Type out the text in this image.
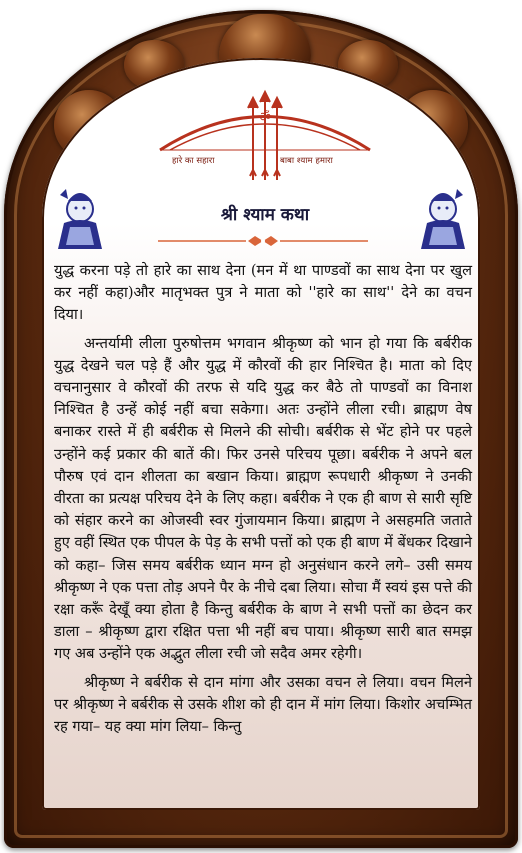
ॐ
हारे का सहारा	बाबा श्याम हमारा
श्री श्याम कथा

युद्ध करना पड़े तो हारे का साथ देना (मन में था पाण्डवों का साथ देना पर खुल कर नहीं कहा)और मातृभक्त पुत्र ने माता को ''हारे का साथ'' देने का वचन दिया।

अन्तर्यामी लीला पुरुषोत्तम भगवान श्रीकृष्ण को भान हो गया कि बर्बरीक युद्ध देखने चल पड़े हैं और युद्ध में कौरवों की हार निश्चित है। माता को दिए वचनानुसार वे कौरवों की तरफ से यदि युद्ध कर बैठे तो पाण्डवों का विनाश निश्चित है उन्हें कोई नहीं बचा सकेगा। अतः उन्होंने लीला रची। ब्राह्मण वेष बनाकर रास्ते में ही बर्बरीक से मिलने की सोची। बर्बरीक से भेंट होने पर पहले उन्होंने कई प्रकार की बातें की। फिर उनसे परिचय पूछा। बर्बरीक ने अपने बल पौरुष एवं दान शीलता का बखान किया। ब्राह्मण रूपधारी श्रीकृष्ण ने उनकी वीरता का प्रत्यक्ष परिचय देने के लिए कहा। बर्बरीक ने एक ही बाण से सारी सृष्टि को संहार करने का ओजस्वी स्वर गुंजायमान किया। ब्राह्मण ने असहमति जताते हुए वहीं स्थित एक पीपल के पेड़ के सभी पत्तों को एक ही बाण में बेंधकर दिखाने को कहा– जिस समय बर्बरीक ध्यान मग्न हो अनुसंधान करने लगे– उसी समय श्रीकृष्ण ने एक पत्ता तोड़ अपने पैर के नीचे दबा लिया। सोचा मैं स्वयं इस पत्ते की रक्षा करूँ देखूँ क्या होता है किन्तु बर्बरीक के बाण ने सभी पत्तों का छेदन कर डाला – श्रीकृष्ण द्वारा रक्षित पत्ता भी नहीं बच पाया। श्रीकृष्ण सारी बात समझ गए अब उन्होंने एक अद्भुत लीला रची जो सदैव अमर रहेगी।

श्रीकृष्ण ने बर्बरीक से दान मांगा और उसका वचन ले लिया। वचन मिलने पर श्रीकृष्ण ने बर्बरीक से उसके शीश को ही दान में मांग लिया। किशोर अचम्भित रह गया– यह क्या मांग लिया– किन्तु
